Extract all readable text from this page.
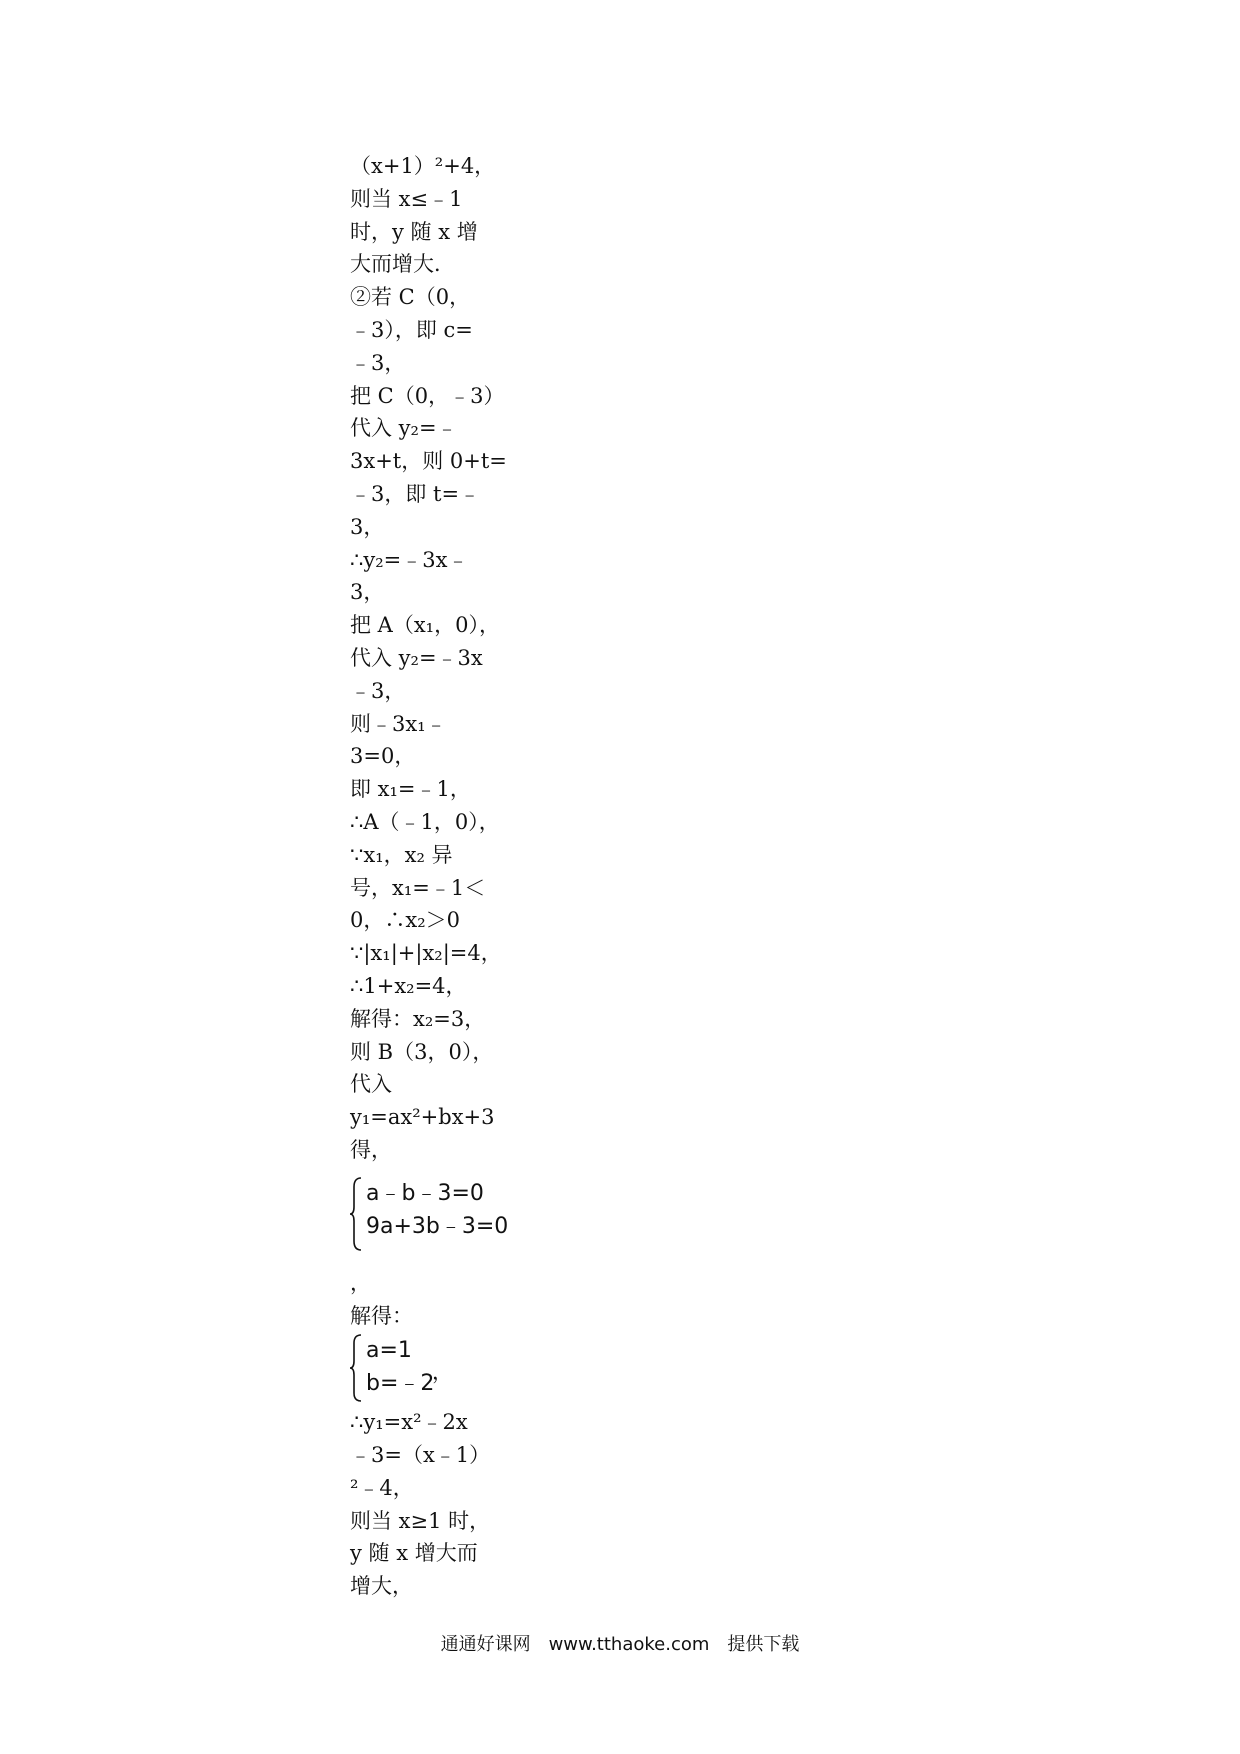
（x+1）²+4，
则当 x≤﹣1
时，y 随 x 增
大而增大．
②若 C（0，
﹣3），即 c=
﹣3，
把 C（0，﹣3）
代入 y₂=﹣
3x+t，则 0+t=
﹣3，即 t=﹣
3，
∴y₂=﹣3x﹣
3，
把 A（x₁，0），
代入 y₂=﹣3x
﹣3，
则﹣3x₁﹣
3=0，
即 x₁=﹣1，
∴A（﹣1，0），
∵x₁，x₂ 异
号，x₁=﹣1＜
0，∴x₂＞0
∵|x₁|+|x₂|=4，
∴1+x₂=4，
解得：x₂=3，
则 B（3，0），
代入
y₁=ax²+bx+3
得，
a﹣b﹣3=0
9a+3b﹣3=0
，
解得：
a=1
b=﹣2
，
∴y₁=x²﹣2x
﹣3=（x﹣1）
²﹣4，
则当 x≥1 时，
y 随 x 增大而
增大，
通通好课网　www.tthaoke.com　提供下载
